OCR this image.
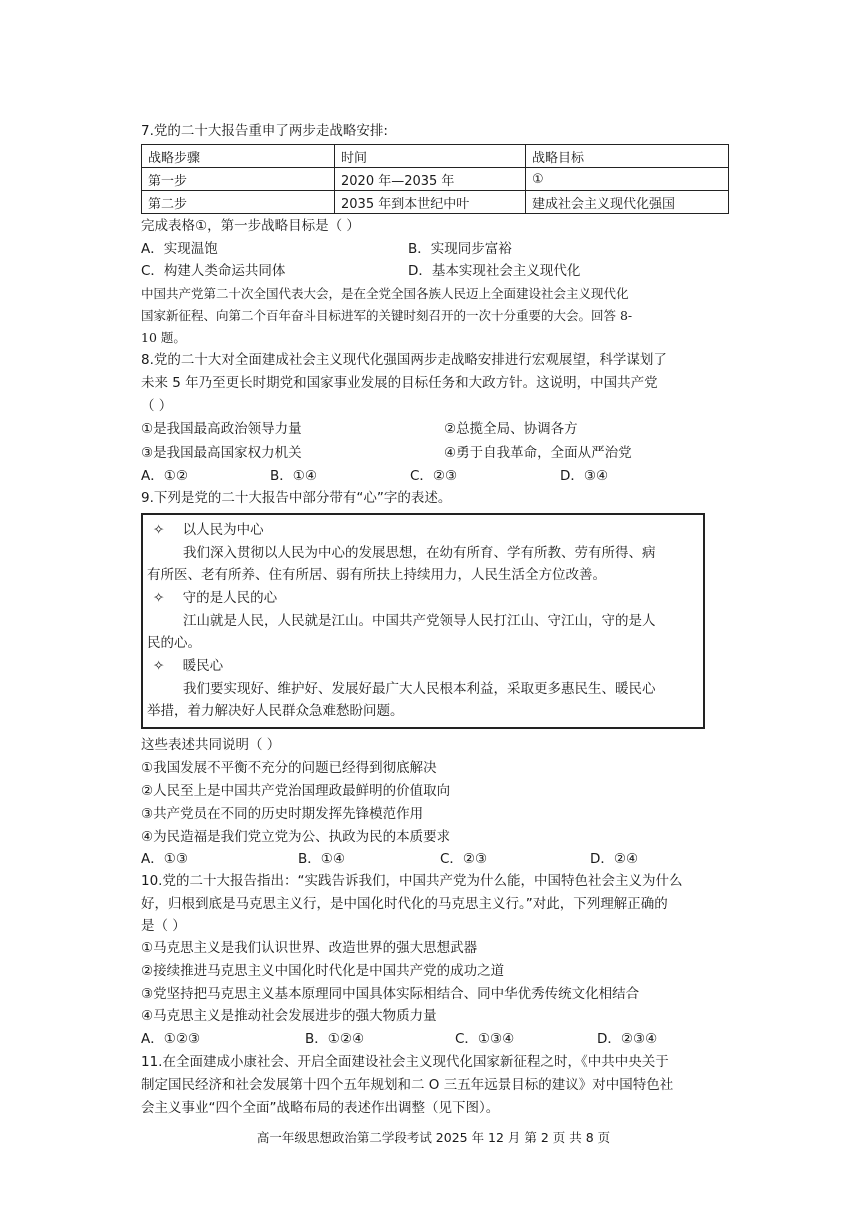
7.党的二十大报告重申了两步走战略安排:
战略步骤	时间	战略目标
第一步	2020 年—2035 年	①
第二步	2035 年到本世纪中叶	建成社会主义现代化强国
完成表格①，第一步战略目标是（ ）
A．实现温饱	B．实现同步富裕
C．构建人类命运共同体	D．基本实现社会主义现代化
中国共产党第二十次全国代表大会，是在全党全国各族人民迈上全面建设社会主义现代化
国家新征程、向第二个百年奋斗目标进军的关键时刻召开的一次十分重要的大会。回答 8-
10 题。
8.党的二十大对全面建成社会主义现代化强国两步走战略安排进行宏观展望，科学谋划了
未来 5 年乃至更长时期党和国家事业发展的目标任务和大政方针。这说明，中国共产党
（ ）
①是我国最高政治领导力量	②总揽全局、协调各方
③是我国最高国家权力机关	④勇于自我革命，全面从严治党
A．①②	B．①④	C．②③	D．③④
9.下列是党的二十大报告中部分带有“心”字的表述。
✧ 以人民为中心
我们深入贯彻以人民为中心的发展思想，在幼有所育、学有所教、劳有所得、病
有所医、老有所养、住有所居、弱有所扶上持续用力，人民生活全方位改善。
✧ 守的是人民的心
江山就是人民，人民就是江山。中国共产党领导人民打江山、守江山，守的是人
民的心。
✧ 暖民心
我们要实现好、维护好、发展好最广大人民根本利益，采取更多惠民生、暖民心
举措，着力解决好人民群众急难愁盼问题。
这些表述共同说明（ ）
①我国发展不平衡不充分的问题已经得到彻底解决
②人民至上是中国共产党治国理政最鲜明的价值取向
③共产党员在不同的历史时期发挥先锋模范作用
④为民造福是我们党立党为公、执政为民的本质要求
A．①③	B．①④	C．②③	D．②④
10.党的二十大报告指出：“实践告诉我们，中国共产党为什么能，中国特色社会主义为什么
好，归根到底是马克思主义行，是中国化时代化的马克思主义行。”对此，下列理解正确的
是（ ）
①马克思主义是我们认识世界、改造世界的强大思想武器
②接续推进马克思主义中国化时代化是中国共产党的成功之道
③党坚持把马克思主义基本原理同中国具体实际相结合、同中华优秀传统文化相结合
④马克思主义是推动社会发展进步的强大物质力量
A．①②③	B．①②④	C．①③④	D．②③④
11.在全面建成小康社会、开启全面建设社会主义现代化国家新征程之时，《中共中央关于
制定国民经济和社会发展第十四个五年规划和二 O 三五年远景目标的建议》对中国特色社
会主义事业“四个全面”战略布局的表述作出调整（见下图）。
高一年级思想政治第二学段考试 2025 年 12 月 第 2 页 共 8 页
